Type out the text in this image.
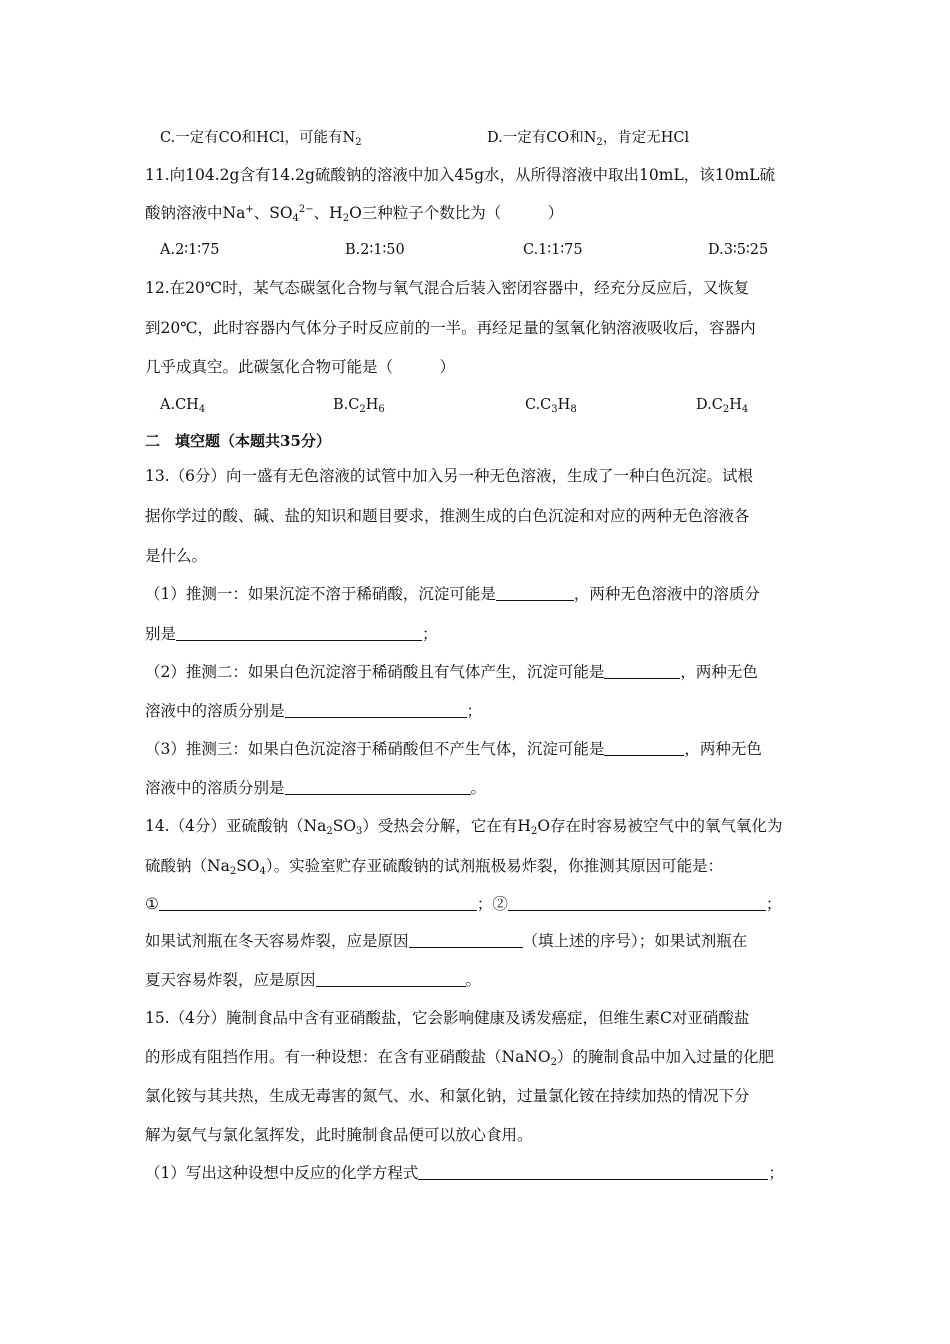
C.一定有CO和HCl，可能有$N_2$	D.一定有CO和$N_2$，肯定无HCl
11.向104.2g含有14.2g硫酸钠的溶液中加入45g水，从所得溶液中取出10mL，该10mL硫
酸钠溶液中Na+、$SO_4^{2-}$、$H_2O$三种粒子个数比为（　　　）
A.2∶1∶75	B.2∶1∶50	C.1∶1∶75	D.3∶5∶25
12.在20℃时，某气态碳氢化合物与氧气混合后装入密闭容器中，经充分反应后，又恢复
到20℃，此时容器内气体分子时反应前的一半。再经足量的氢氧化钠溶液吸收后，容器内
几乎成真空。此碳氢化合物可能是（　　　）
$A.CH_4$	$B.C_2H_6$	$C.C_3H_8$	$D.C_2H_4$
二　填空题（本题共35分）
13.（6分）向一盛有无色溶液的试管中加入另一种无色溶液，生成了一种白色沉淀。试根
据你学过的酸、碱、盐的知识和题目要求，推测生成的白色沉淀和对应的两种无色溶液各
是什么。
（1）推测一：如果沉淀不溶于稀硝酸，沉淀可能是	，两种无色溶液中的溶质分
别是	；
（2）推测二：如果白色沉淀溶于稀硝酸且有气体产生，沉淀可能是	，两种无色
溶液中的溶质分别是	；
（3）推测三：如果白色沉淀溶于稀硝酸但不产生气体，沉淀可能是	，两种无色
溶液中的溶质分别是	。
14.（4分）亚硫酸钠$(Na_2SO_3)$受热会分解，它在有$H_2O$存在时容易被空气中的氧气氧化为
硫酸钠$(Na_2SO_4)$。实验室贮存亚硫酸钠的试剂瓶极易炸裂，你推测其原因可能是：
①	；②	；
如果试剂瓶在冬天容易炸裂，应是原因	（填上述的序号）；如果试剂瓶在
夏天容易炸裂，应是原因	。
15.（4分）腌制食品中含有亚硝酸盐，它会影响健康及诱发癌症，但维生素C对亚硝酸盐
的形成有阻挡作用。有一种设想：在含有亚硝酸盐（NaNO$_2$）的腌制食品中加入过量的化肥
氯化铵与其共热，生成无毒害的氮气、水、和氯化钠，过量氯化铵在持续加热的情况下分
解为氨气与氯化氢挥发，此时腌制食品便可以放心食用。
（1）写出这种设想中反应的化学方程式	；
